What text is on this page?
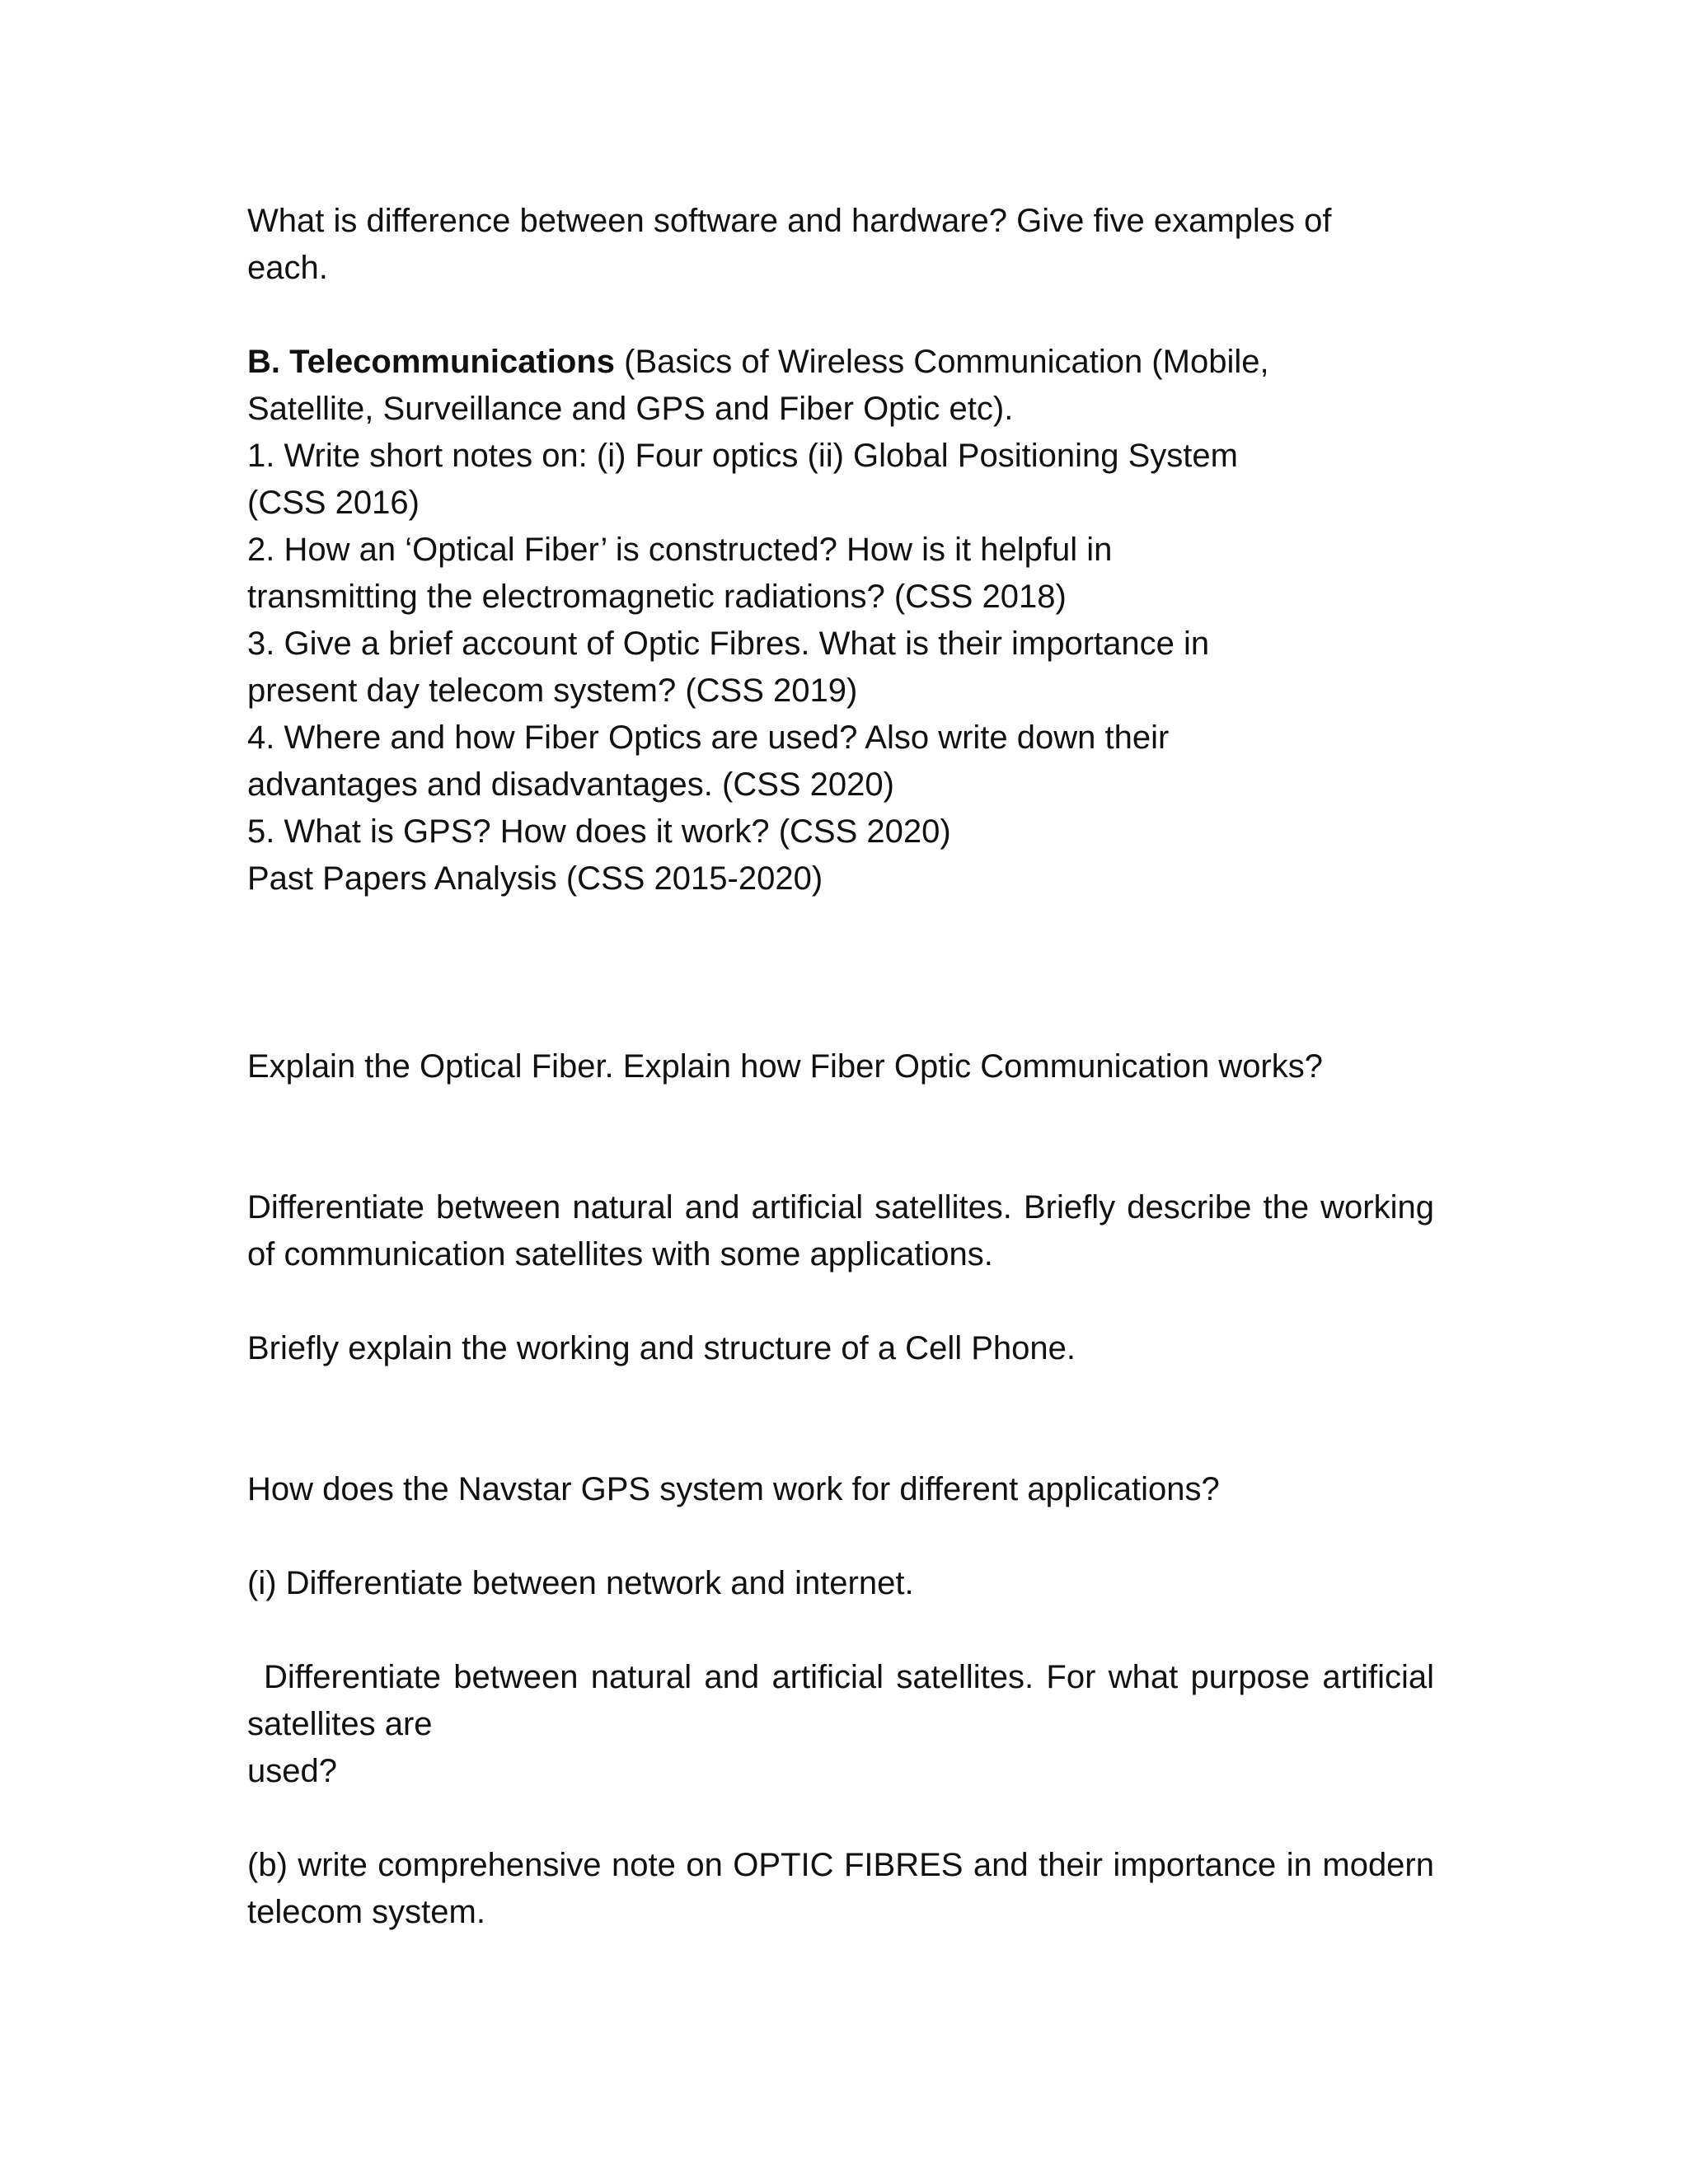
What is difference between software and hardware? Give five examples of
each.

B. Telecommunications (Basics of Wireless Communication (Mobile,
Satellite, Surveillance and GPS and Fiber Optic etc).

1. Write short notes on: (i) Four optics (ii) Global Positioning System
(CSS 2016)

2. How an ‘Optical Fiber’ is constructed? How is it helpful in
transmitting the electromagnetic radiations? (CSS 2018)

3. Give a brief account of Optic Fibres. What is their importance in
present day telecom system? (CSS 2019)

4. Where and how Fiber Optics are used? Also write down their
advantages and disadvantages. (CSS 2020)

5. What is GPS? How does it work? (CSS 2020)

Past Papers Analysis (CSS 2015-2020)

Explain the Optical Fiber. Explain how Fiber Optic Communication works?

Differentiate between natural and artificial satellites. Briefly describe the working of communication satellites with some applications.

Briefly explain the working and structure of a Cell Phone.

How does the Navstar GPS system work for different applications?

(i) Differentiate between network and internet.

Differentiate between natural and artificial satellites. For what purpose artificial satellites are

used?

(b) write comprehensive note on OPTIC FIBRES and their importance in modern telecom system.
